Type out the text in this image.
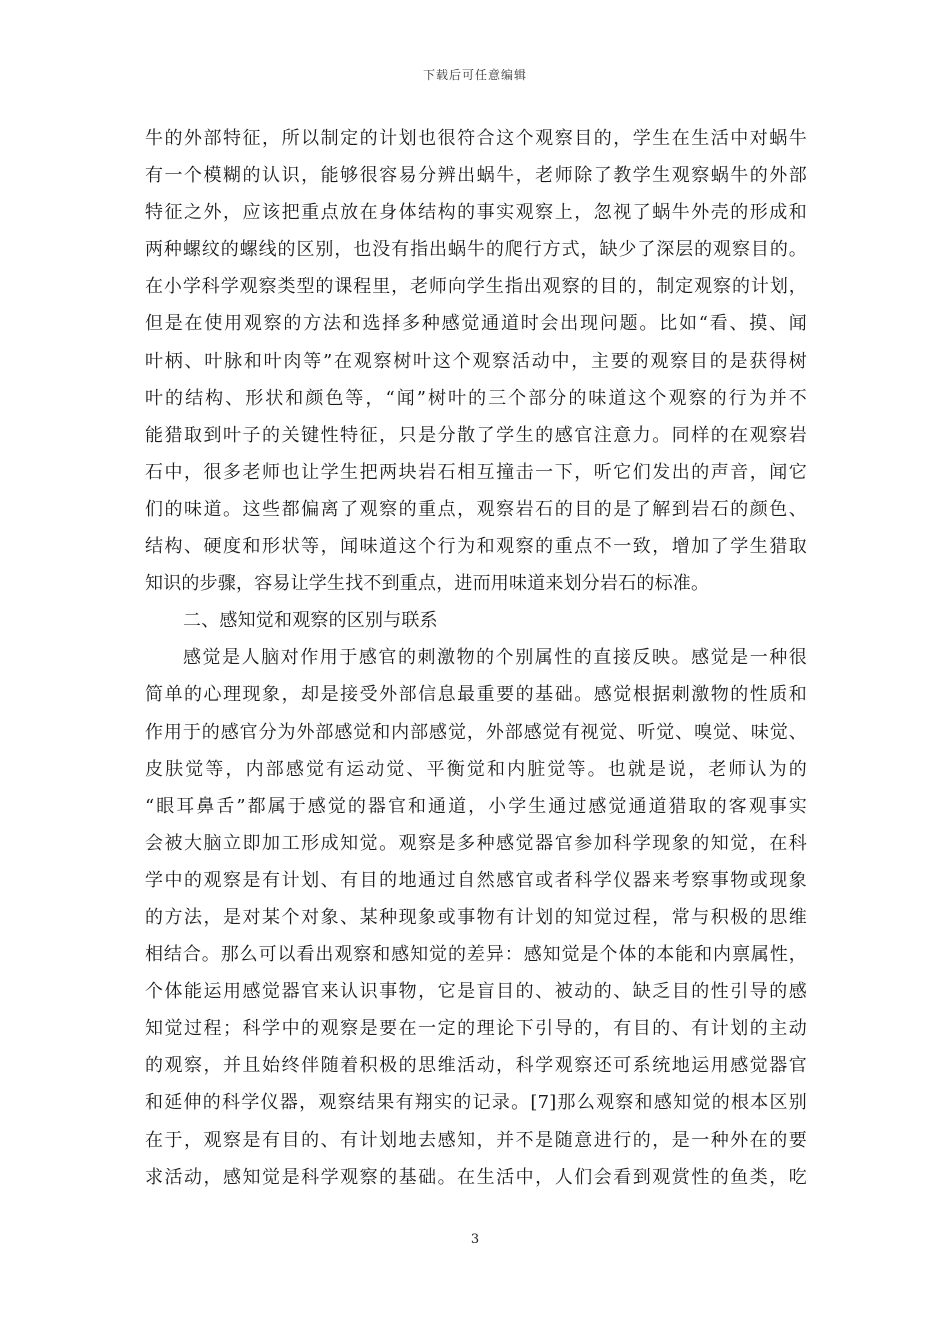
下载后可任意编辑
牛的外部特征，所以制定的计划也很符合这个观察目的，学生在生活中对蜗牛
有一个模糊的认识，能够很容易分辨出蜗牛，老师除了教学生观察蜗牛的外部
特征之外，应该把重点放在身体结构的事实观察上，忽视了蜗牛外壳的形成和
两种螺纹的螺线的区别，也没有指出蜗牛的爬行方式，缺少了深层的观察目的。
在小学科学观察类型的课程里，老师向学生指出观察的目的，制定观察的计划，
但是在使用观察的方法和选择多种感觉通道时会出现问题。比如“看、摸、闻
叶柄、叶脉和叶肉等”在观察树叶这个观察活动中，主要的观察目的是获得树
叶的结构、形状和颜色等，“闻”树叶的三个部分的味道这个观察的行为并不
能猎取到叶子的关键性特征，只是分散了学生的感官注意力。同样的在观察岩
石中，很多老师也让学生把两块岩石相互撞击一下，听它们发出的声音，闻它
们的味道。这些都偏离了观察的重点，观察岩石的目的是了解到岩石的颜色、
结构、硬度和形状等，闻味道这个行为和观察的重点不一致，增加了学生猎取
知识的步骤，容易让学生找不到重点，进而用味道来划分岩石的标准。
二、感知觉和观察的区别与联系
感觉是人脑对作用于感官的刺激物的个别属性的直接反映。感觉是一种很
简单的心理现象，却是接受外部信息最重要的基础。感觉根据刺激物的性质和
作用于的感官分为外部感觉和内部感觉，外部感觉有视觉、听觉、嗅觉、味觉、
皮肤觉等，内部感觉有运动觉、平衡觉和内脏觉等。也就是说，老师认为的
“眼耳鼻舌”都属于感觉的器官和通道，小学生通过感觉通道猎取的客观事实
会被大脑立即加工形成知觉。观察是多种感觉器官参加科学现象的知觉，在科
学中的观察是有计划、有目的地通过自然感官或者科学仪器来考察事物或现象
的方法，是对某个对象、某种现象或事物有计划的知觉过程，常与积极的思维
相结合。那么可以看出观察和感知觉的差异：感知觉是个体的本能和内禀属性，
个体能运用感觉器官来认识事物，它是盲目的、被动的、缺乏目的性引导的感
知觉过程；科学中的观察是要在一定的理论下引导的，有目的、有计划的主动
的观察，并且始终伴随着积极的思维活动，科学观察还可系统地运用感觉器官
和延伸的科学仪器，观察结果有翔实的记录。[7]那么观察和感知觉的根本区别
在于，观察是有目的、有计划地去感知，并不是随意进行的，是一种外在的要
求活动，感知觉是科学观察的基础。在生活中，人们会看到观赏性的鱼类，吃
3
